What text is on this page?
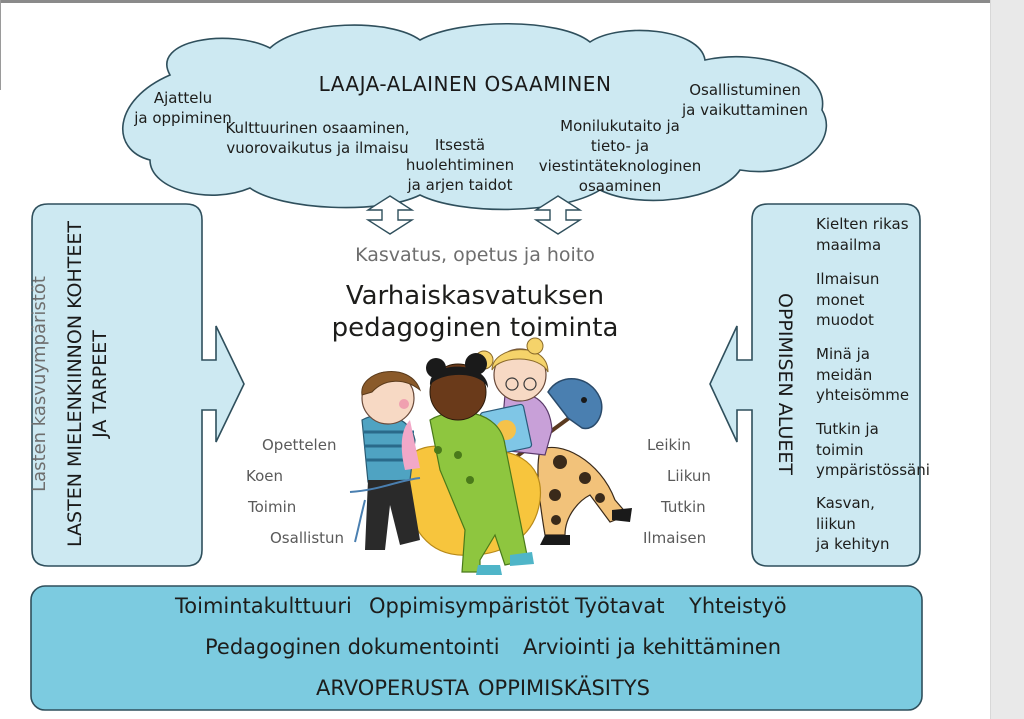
LAAJA-ALAINEN OSAAMINEN
Ajattelu
ja oppiminen
Kulttuurinen osaaminen,
vuorovaikutus ja ilmaisu	Itsestä
huolehtiminen
ja arjen taidot
Monilukutaito ja
tieto- ja viestintäteknologinen
osaaminen
Osallistuminen
ja vaikuttaminen
Kasvatus, opetus ja hoito
Varhaiskasvatuksen
pedagoginen toiminta
Lasten kasvuympäristöt LASTEN MIELENKIINNON KOHTEET JA TARPEET	OPPIMISEN ALUEET
Kielten rikas
maailma
Ilmaisun
monet
muodot
Minä ja
meidän
yhteisömme
Tutkin ja
toimin
ympäristössäni
Kasvan,
liikun
ja kehityn
Opettelen
Koen
Toimin
Osallistun
Leikin
Liikun
Tutkin
Ilmaisen
Toimintakulttuuri Oppimisympäristöt Työtavat Yhteistyö
Pedagoginen dokumentointi Arviointi ja kehittäminen
ARVOPERUSTA OPPIMISKÄSITYS
